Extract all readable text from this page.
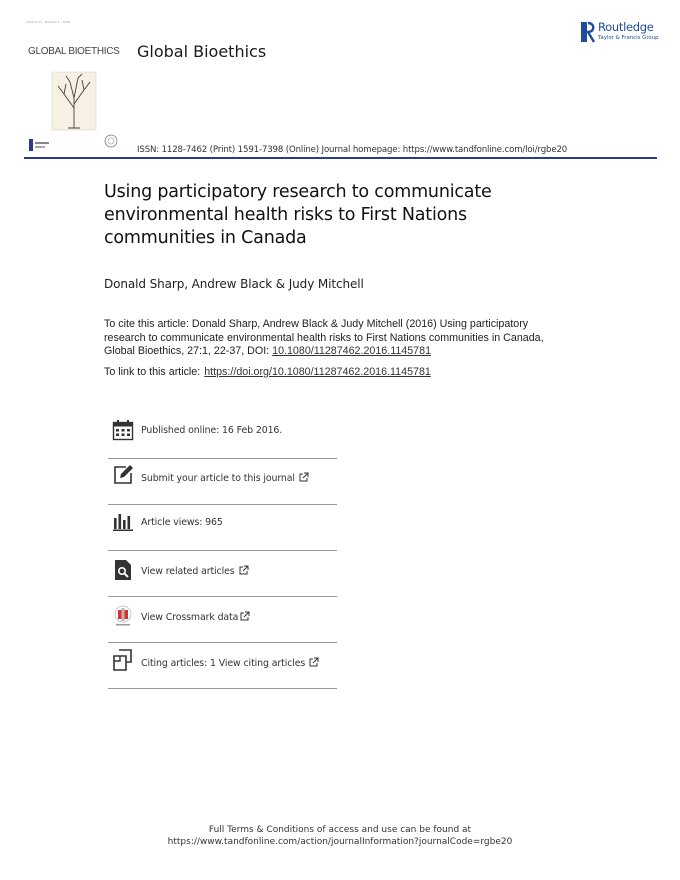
Volume 27 · Number 1 · 2016
GLOBAL BIOETHICS Global Bioethics
ISSN: 1128-7462 (Print) 1591-7398 (Online) Journal homepage: https://www.tandfonline.com/loi/rgbe20
Routledge
Taylor & Francis Group
Using participatory research to communicate environmental health risks to First Nations communities in Canada
Donald Sharp, Andrew Black & Judy Mitchell
To cite this article: Donald Sharp, Andrew Black & Judy Mitchell (2016) Using participatory research to communicate environmental health risks to First Nations communities in Canada, Global Bioethics, 27:1, 22-37, DOI: 10.1080/11287462.2016.1145781
To link to this article: https://doi.org/10.1080/11287462.2016.1145781
Published online: 16 Feb 2016.
Submit your article to this journal
Article views: 965
View related articles
View Crossmark data
Citing articles: 1 View citing articles
Full Terms & Conditions of access and use can be found at
https://www.tandfonline.com/action/journalInformation?journalCode=rgbe20
